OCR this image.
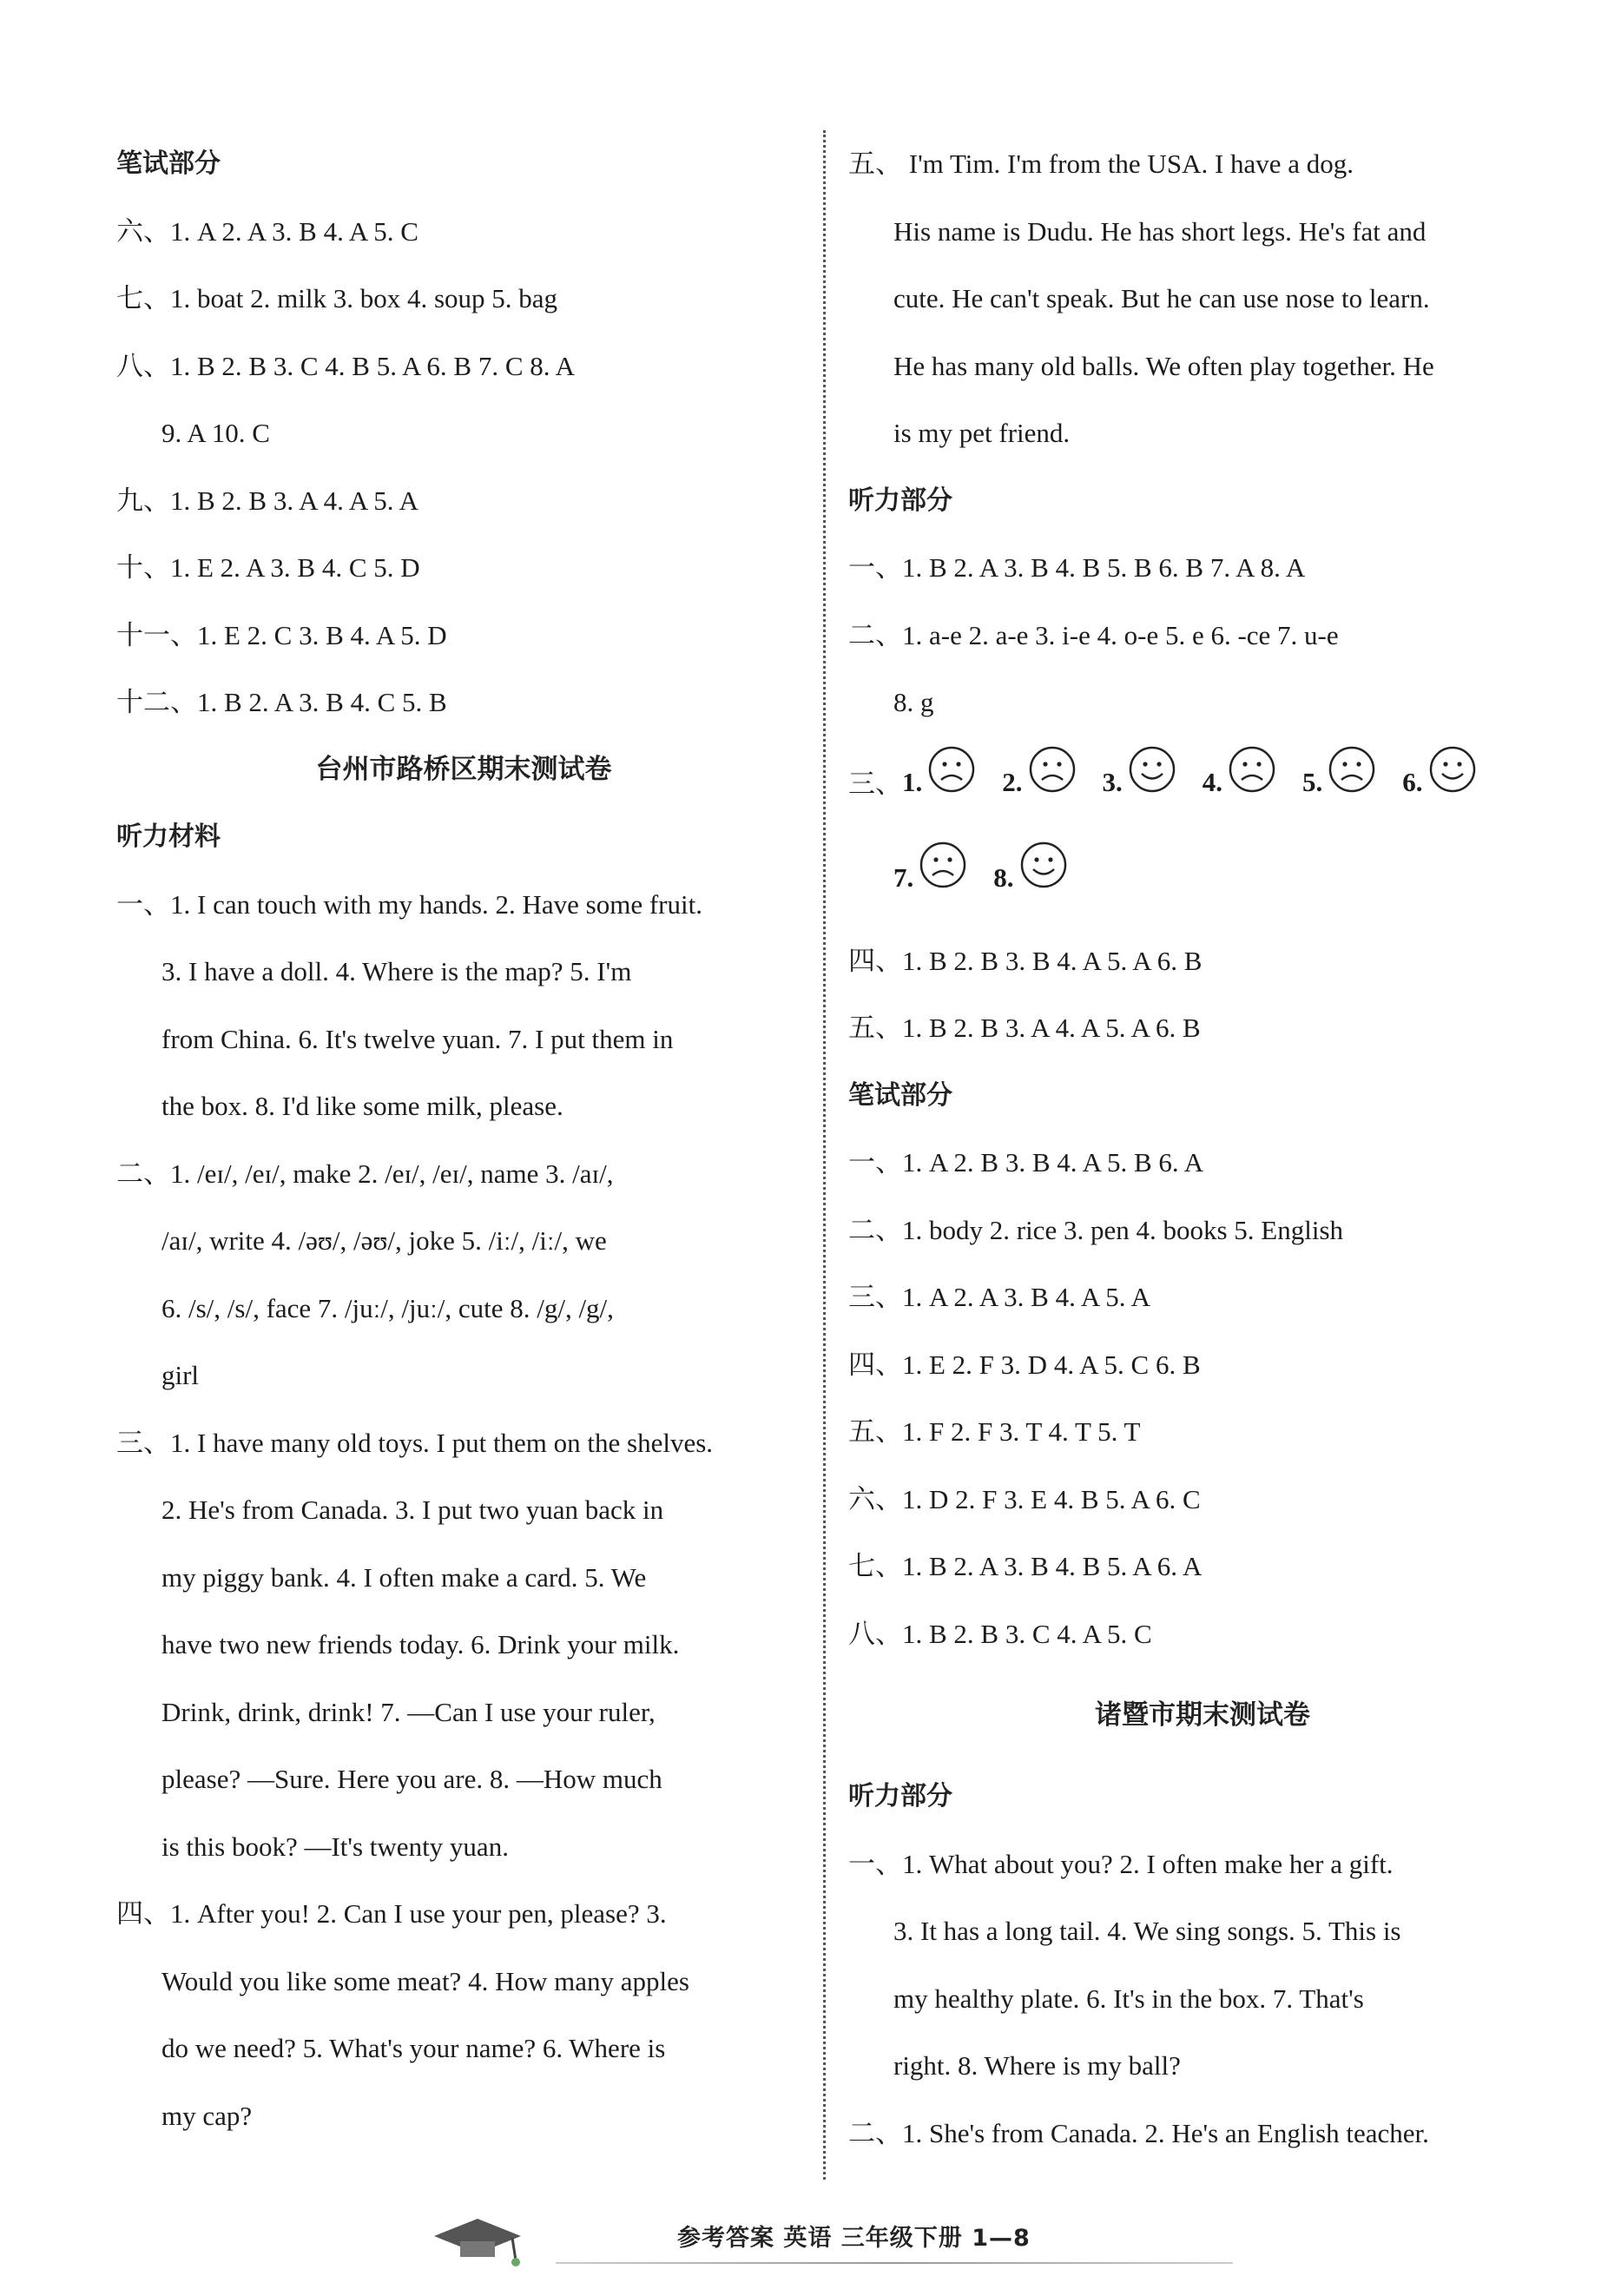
笔试部分
六、1. A 2. A 3. B 4. A 5. C
七、1. boat 2. milk 3. box 4. soup 5. bag
八、1. B 2. B 3. C 4. B 5. A 6. B 7. C 8. A
9. A 10. C
九、1. B 2. B 3. A 4. A 5. A
十、1. E 2. A 3. B 4. C 5. D
十一、1. E 2. C 3. B 4. A 5. D
十二、1. B 2. A 3. B 4. C 5. B
台州市路桥区期末测试卷
听力材料
一、1. I can touch with my hands. 2. Have some fruit.
3. I have a doll. 4. Where is the map? 5. I'm
from China. 6. It's twelve yuan. 7. I put them in
the box. 8. I'd like some milk, please.
二、1. /eɪ/, /eɪ/, make 2. /eɪ/, /eɪ/, name 3. /aɪ/,
/aɪ/, write 4. /əʊ/, /əʊ/, joke 5. /iː/, /iː/, we
6. /s/, /s/, face 7. /juː/, /juː/, cute 8. /g/, /g/,
girl
三、1. I have many old toys. I put them on the shelves.
2. He's from Canada. 3. I put two yuan back in
my piggy bank. 4. I often make a card. 5. We
have two new friends today. 6. Drink your milk.
Drink, drink, drink! 7. —Can I use your ruler,
please? —Sure. Here you are. 8. —How much
is this book? —It's twenty yuan.
四、1. After you! 2. Can I use your pen, please? 3.
Would you like some meat? 4. How many apples
do we need? 5. What's your name? 6. Where is
my cap?
五、 I'm Tim. I'm from the USA. I have a dog.
His name is Dudu. He has short legs. He's fat and
cute. He can't speak. But he can use nose to learn.
He has many old balls. We often play together. He
is my pet friend.
听力部分
一、1. B 2. A 3. B 4. B 5. B 6. B 7. A 8. A
二、1. a-e 2. a-e 3. i-e 4. o-e 5. e 6. -ce 7. u-e
8. g
三、 1.	2.	3.	4.	5.	6.
7.	8.
四、1. B 2. B 3. B 4. A 5. A 6. B
五、1. B 2. B 3. A 4. A 5. A 6. B
笔试部分
一、1. A 2. B 3. B 4. A 5. B 6. A
二、1. body 2. rice 3. pen 4. books 5. English
三、1. A 2. A 3. B 4. A 5. A
四、1. E 2. F 3. D 4. A 5. C 6. B
五、1. F 2. F 3. T 4. T 5. T
六、1. D 2. F 3. E 4. B 5. A 6. C
七、1. B 2. A 3. B 4. B 5. A 6. A
八、1. B 2. B 3. C 4. A 5. C
诸暨市期末测试卷
听力部分
一、1. What about you? 2. I often make her a gift.
3. It has a long tail. 4. We sing songs. 5. This is
my healthy plate. 6. It's in the box. 7. That's
right. 8. Where is my ball?
二、1. She's from Canada. 2. He's an English teacher.
参考答案 英语 三年级下册 1—8
